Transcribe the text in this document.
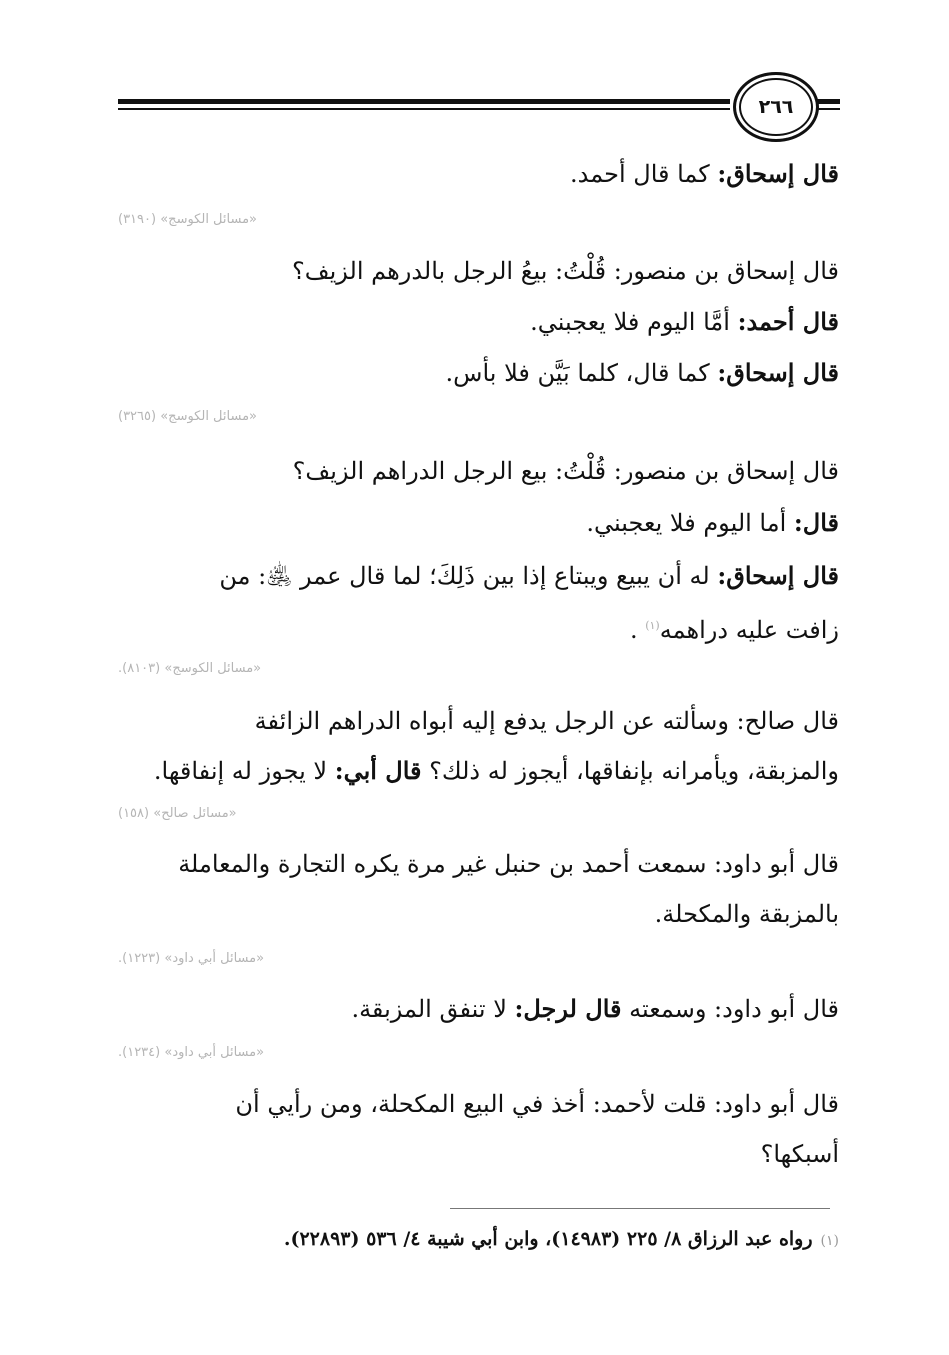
٢٦٦
قال إسحاق: كما قال أحمد.
«مسائل الكوسج» (٣١٩٠)
قال إسحاق بن منصور: قُلْتُ: بيعُ الرجل بالدرهم الزيف؟
قال أحمد: أمَّا اليوم فلا يعجبني.
قال إسحاق: كما قال، كلما بَيَّن فلا بأس.
«مسائل الكوسج» (٣٢٦٥)
قال إسحاق بن منصور: قُلْتُ: بيع الرجل الدراهم الزيف؟
قال: أما اليوم فلا يعجبني.
قال إسحاق: له أن يبيع ويبتاع إذا بين ذَلِكَ؛ لما قال عمر ﵁: من
زافت عليه دراهمه$^{(١)}$ .
«مسائل الكوسج» (٨١٠٣).
قال صالح: وسألته عن الرجل يدفع إليه أبواه الدراهم الزائفة
والمزبقة، ويأمرانه بإنفاقها، أيجوز له ذلك؟ قال أبي: لا يجوز له إنفاقها.
«مسائل صالح» (١٥٨)
قال أبو داود: سمعت أحمد بن حنبل غير مرة يكره التجارة والمعاملة
بالمزبقة والمكحلة.
«مسائل أبي داود» (١٢٢٣).
قال أبو داود: وسمعته قال لرجل: لا تنفق المزبقة.
«مسائل أبي داود» (١٢٣٤).
قال أبو داود: قلت لأحمد: أخذ في البيع المكحلة، ومن رأيي أن
أسبكها؟
(١)رواه عبد الرزاق ٨/ ٢٢٥ (١٤٩٨٣)، وابن أبي شيبة ٤/ ٥٣٦ (٢٢٨٩٣).
